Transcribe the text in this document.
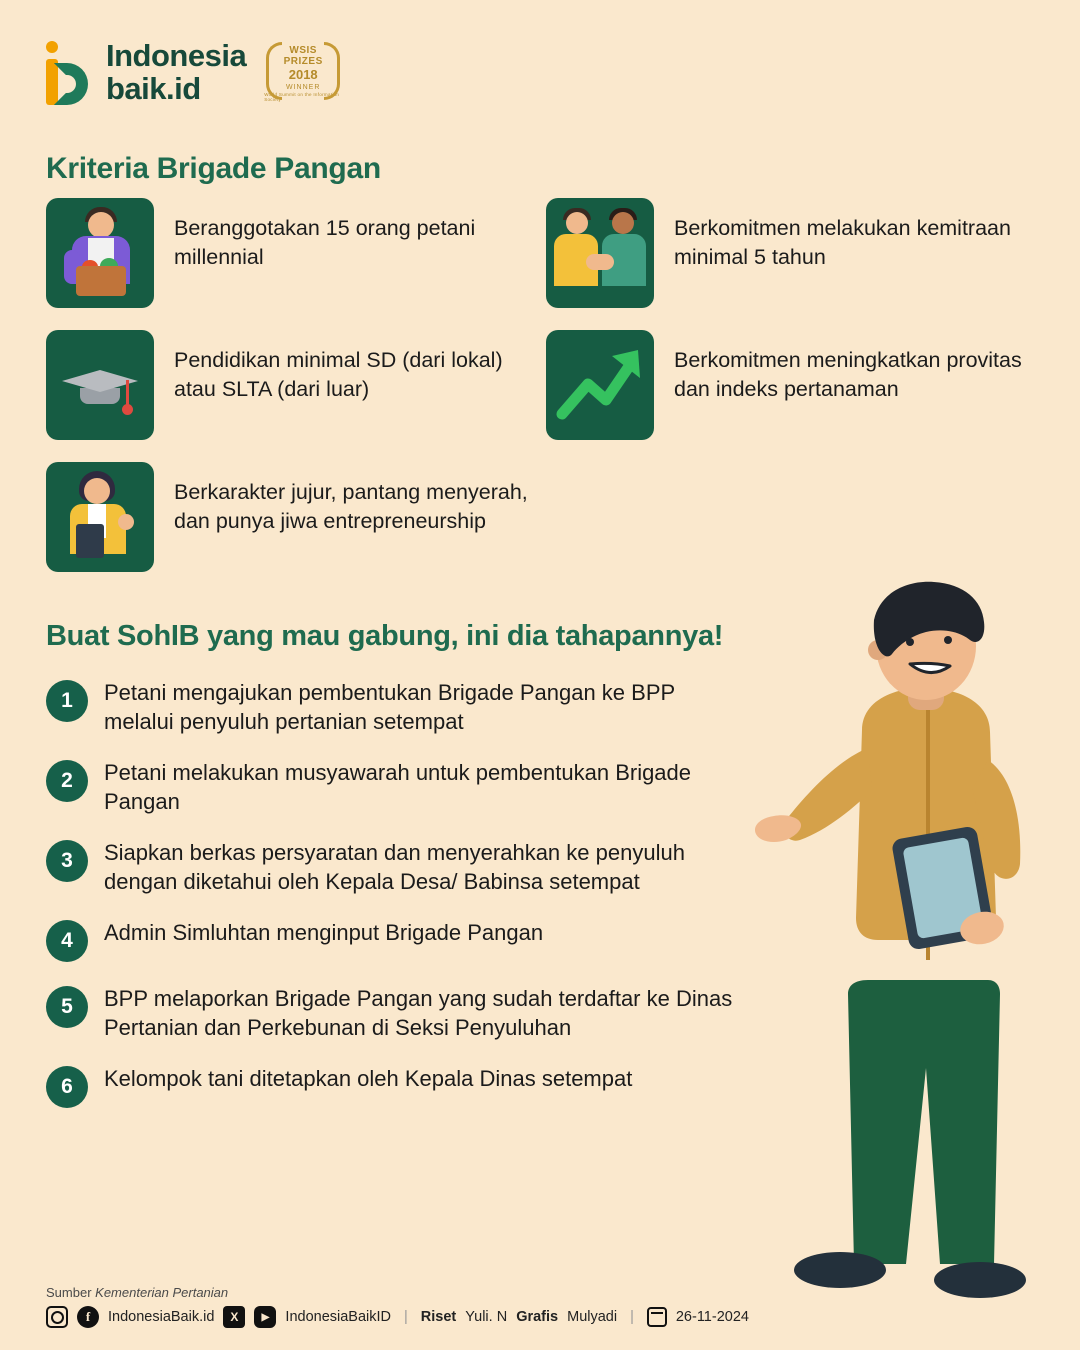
Indonesia
baik.id
WSIS
PRIZES
2018
WINNER
World Summit on the Information Society
Kriteria Brigade Pangan
Beranggotakan 15 orang petani millennial
Berkomitmen melakukan kemitraan minimal 5 tahun
Pendidikan minimal SD (dari lokal) atau SLTA (dari luar)
Berkomitmen meningkatkan provitas dan indeks pertanaman
Berkarakter jujur, pantang menyerah, dan punya jiwa entrepreneurship
Buat SohIB yang mau gabung, ini dia tahapannya!
1	Petani mengajukan pembentukan Brigade Pangan ke BPP melalui penyuluh pertanian setempat
2	Petani melakukan musyawarah untuk pembentukan Brigade Pangan
3	Siapkan berkas persyaratan dan menyerahkan ke penyuluh dengan diketahui oleh Kepala Desa/ Babinsa setempat
4	Admin Simluhtan menginput Brigade Pangan
5	BPP melaporkan Brigade Pangan yang sudah terdaftar ke Dinas Pertanian dan Perkebunan di Seksi Penyuluhan
6	Kelompok tani ditetapkan oleh Kepala Dinas setempat
Sumber Kementerian Pertanian
f	IndonesiaBaik.id	X	▶	IndonesiaBaikID | Riset Yuli. N Grafis Mulyadi |	26-11-2024
